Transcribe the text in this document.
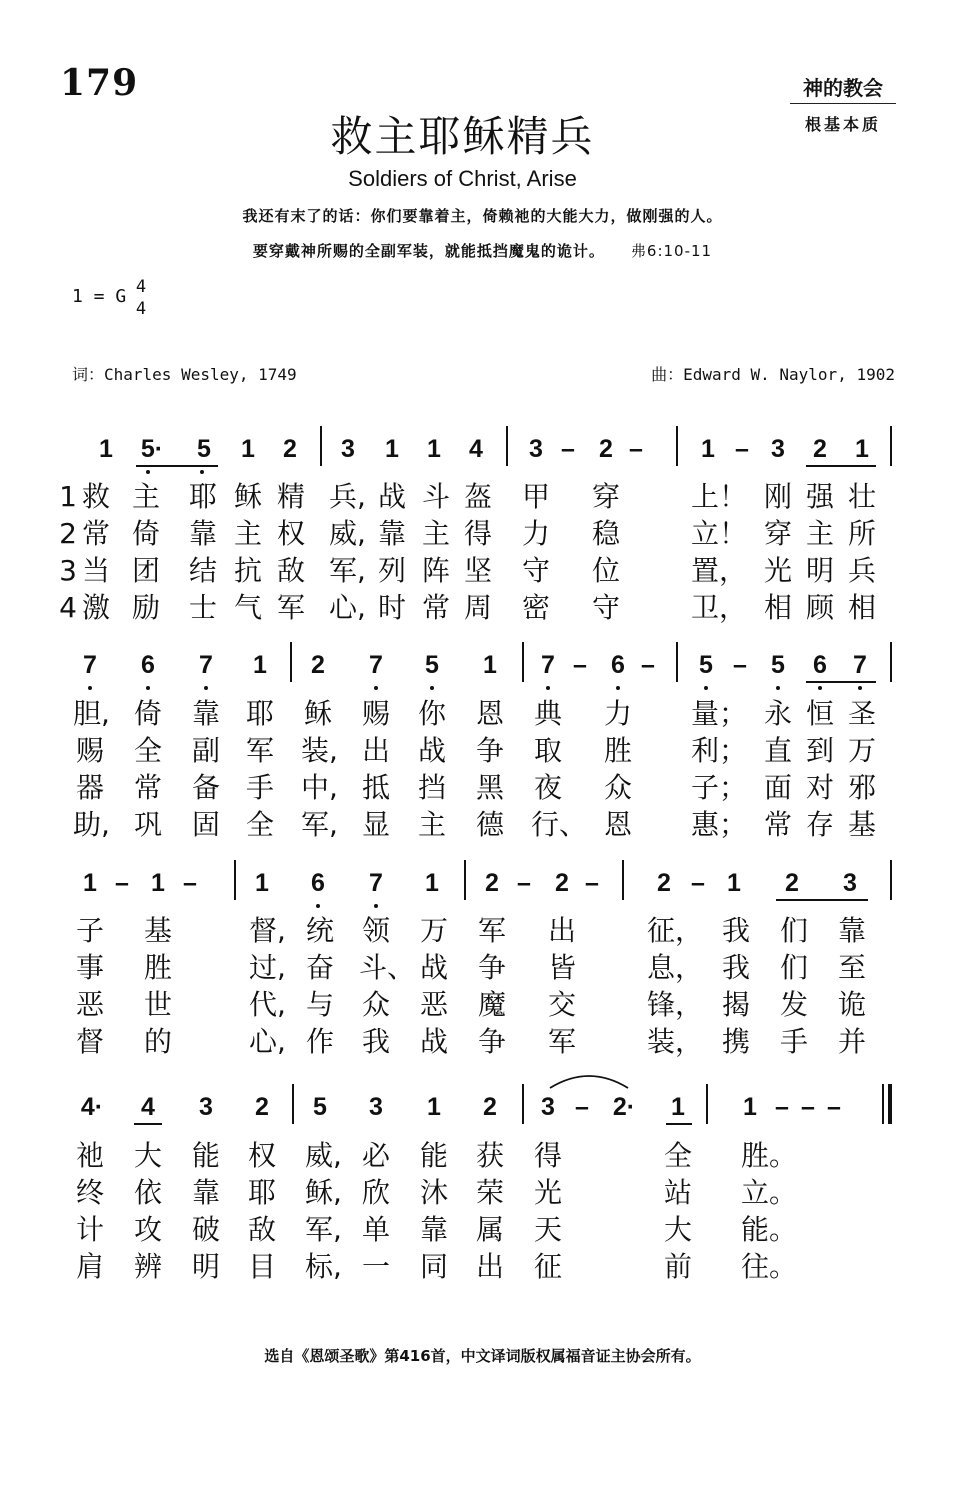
179	神的教会
根基本质
救主耶稣精兵
Soldiers of Christ, Arise
我还有末了的话：你们要靠着主，倚赖祂的大能大力，做刚强的人。
要穿戴神所赐的全副军装，就能抵挡魔鬼的诡计。 弗6:10-11
1 = G 4
4
词：Charles Wesley, 1749	曲：Edward W. Naylor, 1902
1 5· 5 1 2 3 1 1 4 3 – 2 – 1 – 3 2 1
1 救 主 耶 稣 精 兵, 战 斗 盔 甲 穿	上！ 刚 强 壮
2 常 倚 靠 主 权 威, 靠 主 得 力 稳	立！ 穿 主 所
3 当 团 结 抗 敌 军, 列 阵 坚 守 位	置， 光 明 兵
4 激 励 士 气 军 心, 时 常 周 密 守	卫， 相 顾 相
7 6 7 1 2 7 5 1 7 – 6 – 5 – 5 6 7
胆, 倚 靠 耶 稣 赐 你 恩 典 力 量； 永 恒 圣
赐 全 副 军 装, 出 战 争 取 胜 利； 直 到 万
器 常 备 手 中, 抵 挡 黑 夜 众 子； 面 对 邪
助, 巩 固 全 军, 显 主 德 行、 恩 惠； 常 存 基
1 – 1 – 1 6 7 1 2 – 2 – 2 – 1 2 3
子 基	督, 统 领 万 军 出	征， 我 们 靠
事 胜	过, 奋 斗、 战 争 皆	息， 我 们 至
恶 世	代, 与 众 恶 魔 交	锋， 揭 发 诡
督 的	心, 作 我 战 争 军	装， 携 手 并
4· 4 3 2 5 3 1 2 3 – 2· 1 1 – – –
祂 大 能 权 威, 必 能 获 得	全 胜。
终 依 靠 耶 稣, 欣 沐 荣 光	站 立。
计 攻 破 敌 军, 单 靠 属 天	大 能。
肩 辨 明 目 标, 一 同 出 征	前 往。
选自《恩颂圣歌》第416首，中文译词版权属福音证主协会所有。
